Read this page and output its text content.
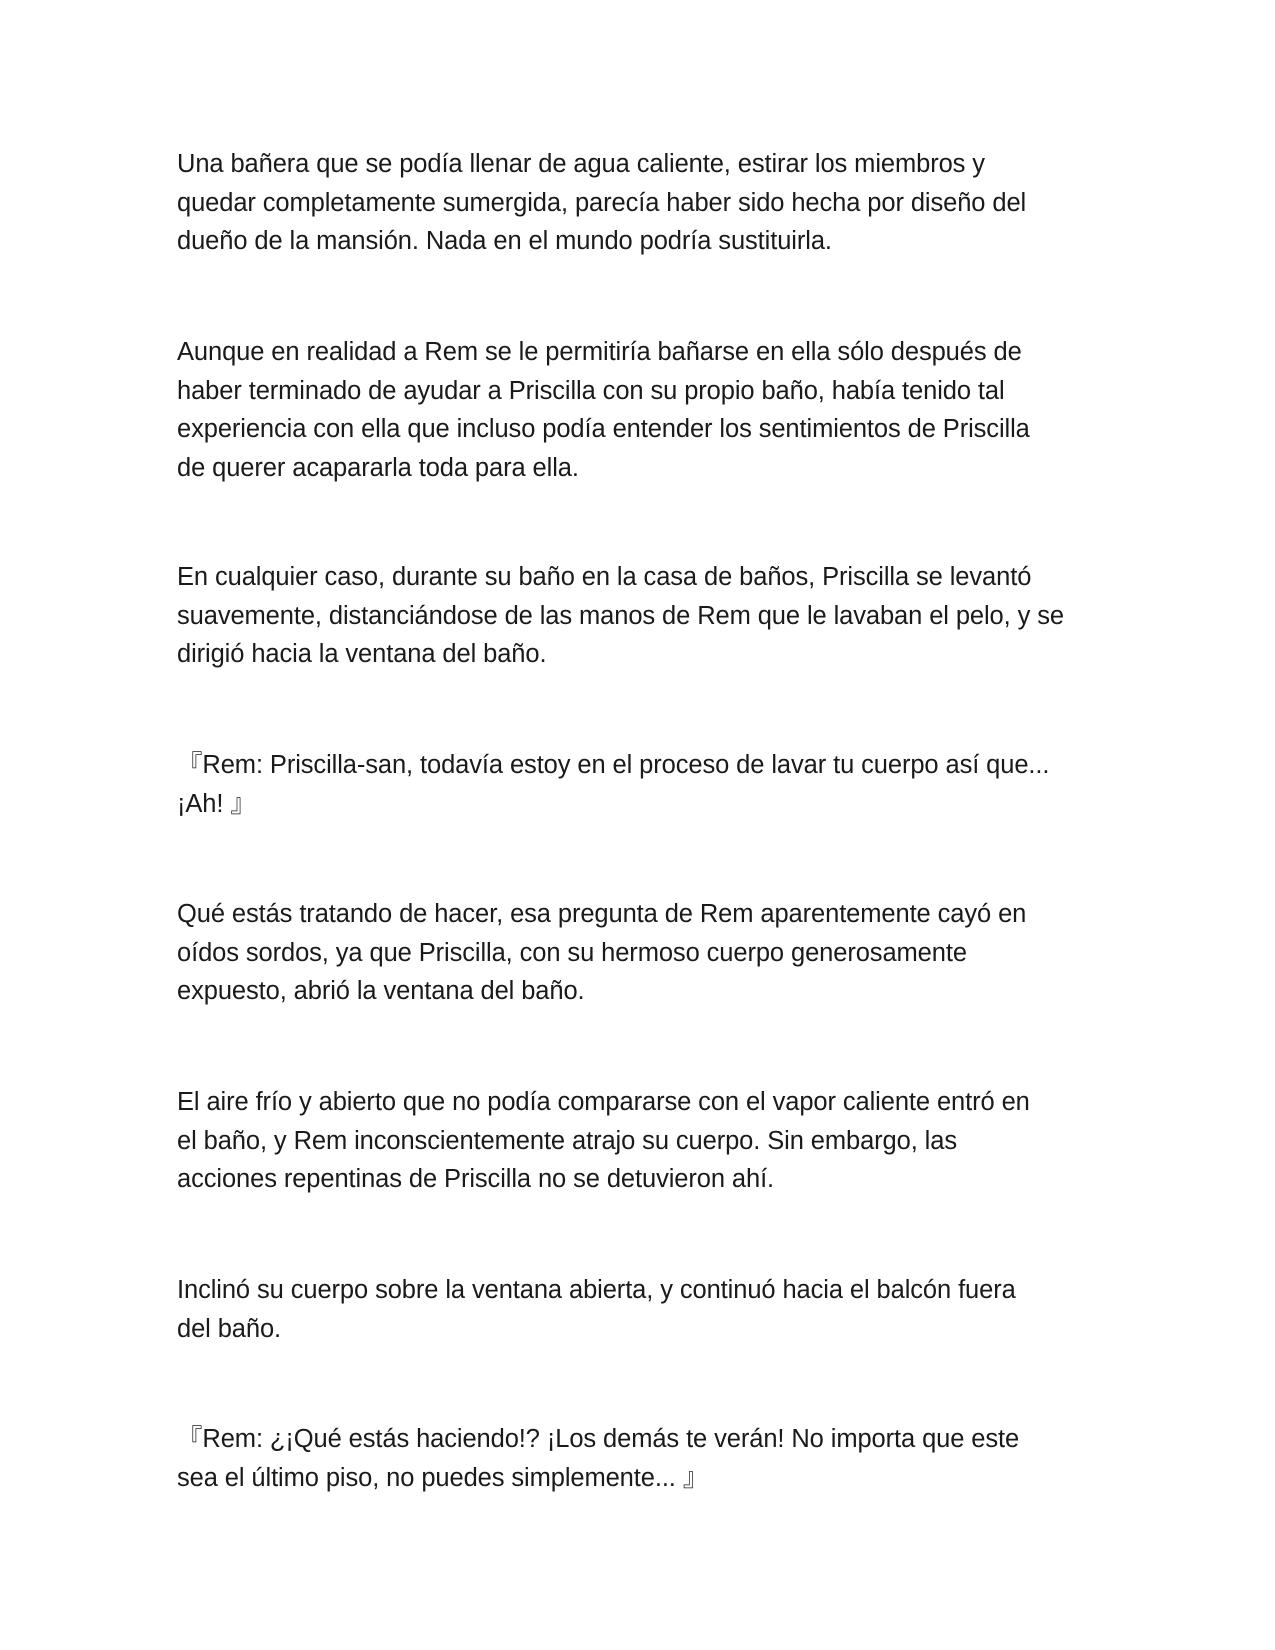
Una bañera que se podía llenar de agua caliente, estirar los miembros y
quedar completamente sumergida, parecía haber sido hecha por diseño del
dueño de la mansión. Nada en el mundo podría sustituirla.

Aunque en realidad a Rem se le permitiría bañarse en ella sólo después de
haber terminado de ayudar a Priscilla con su propio baño, había tenido tal
experiencia con ella que incluso podía entender los sentimientos de Priscilla
de querer acapararla toda para ella.

En cualquier caso, durante su baño en la casa de baños, Priscilla se levantó
suavemente, distanciándose de las manos de Rem que le lavaban el pelo, y se
dirigió hacia la ventana del baño.

『Rem: Priscilla-san, todavía estoy en el proceso de lavar tu cuerpo así que...
¡Ah! 』

Qué estás tratando de hacer, esa pregunta de Rem aparentemente cayó en
oídos sordos, ya que Priscilla, con su hermoso cuerpo generosamente
expuesto, abrió la ventana del baño.

El aire frío y abierto que no podía compararse con el vapor caliente entró en
el baño, y Rem inconscientemente atrajo su cuerpo. Sin embargo, las
acciones repentinas de Priscilla no se detuvieron ahí.

Inclinó su cuerpo sobre la ventana abierta, y continuó hacia el balcón fuera
del baño.

『Rem: ¿¡Qué estás haciendo!? ¡Los demás te verán! No importa que este
sea el último piso, no puedes simplemente... 』
